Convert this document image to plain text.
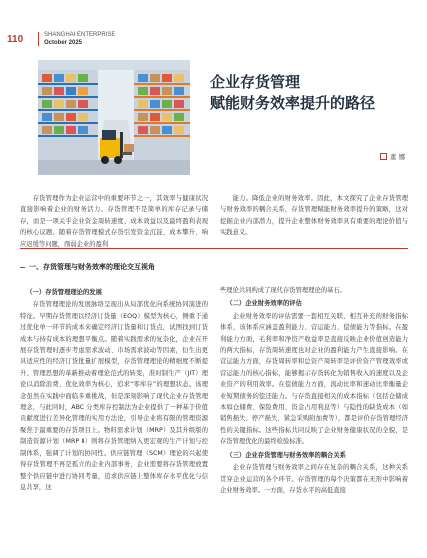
110	SHANGHAI ENTERPRISE
October 2025
企业存货管理
赋能财务效率提升的路径
董 娜

存货管理作为企业运营中的重要环节之一，其效率与健康状况直接影响着企业的财务活力。存货管理不是简单的库存记录与储存，而是一项关乎企业资金周转速度、成本效益以及最终盈利表现的核心议题。随着存货管理模式存货引发资金沉淀、成本攀升、响应迟缓等问题，削弱企业的盈利

能力。降低企业的财务效率。因此，本文探究了企业存货管理与财务效率的耦合关系，存货管理赋能财务效率提升的策略，这对挖掘企业内部潜力，提升企业整体财务效率具有重要的理论价值与实践意义。

一、存货管理与财务效率的理论交互视角

（一）存货管理理论的发展

存货管理理论的发展脉络呈现出从局部优化向系统协同演进的特征。早期存货管理以经济订货量（EOQ）模型为核心，侧重于通过优化单一环节的成本来确定经济订货量和订货点，试图找到订货成本与持有成本的理想平衡点。随着实践需求的复杂化，企业在开展存货管理时逐步考虑需求波动、市场需求波动等因素，衍生出更具适应性的经济订货批量扩展模型，存货管理理论的精细度不断提升。管理思想的革新推动着理论范式的转变，准时制生产（JIT）理论以消除浪费、优化效率为核心，追求“零库存”的理想状态。该理念虽然在实践中面临多重挑战，但是深刻影响了现代企业存货管理理念，与此同时，ABC 分类库存控制法为企业提供了一种基于价值贡献度进行差异化管理的实用方法论，引导企业将有限的管理资源聚焦于最重要的存货项目上。物料需求计划（MRP）及其升级版的制造资源计划（MRP Ⅱ）则将存货管理纳入更宏观的生产计划与控制体系，强调了计划的协同性。供应链管理（SCM）理论的兴起使得存货管理不再是孤立的企业内部事务，企业需要将存货管理放置整个供应链中进行协同考量，追求供应链上整体库存水平优化与信息共享，这

些理论共同构成了现代存货管理理论的基石。

（二）企业财务效率的评估

企业财务效率的评估需要一套相互关联、相互补充的财务指标体系，该体系应涵盖盈利能力、营运能力、偿债能力等指标。在盈利能力方面，毛利率和净资产收益率是直接反映企业价值创造能力的两大指标，存货周转速度也对企业的盈利能力产生直接影响。在营运能力方面，存货周转率和总资产周转率是评价资产管理效率或营运能力的核心指标，能够揭示存货转化为销售收入的速度以及企业资产的利用效率。在偿债能力方面，流动比率和速动比率衡量企业短期债务的偿还能力。与存货直接相关的成本指标（包括仓储成本如仓储费、保险费用、资金占用利息等）与隐性的缺货成本（如销售损失、停产损失、紧急采购附加费等），都是评价存货管理经济性的关键指标。这些指标共同反映了企业财务健康状况的全貌，是存货管理优化的最终检验标准。

（三）企业存货管理与财务效率的耦合关系

企业存货管理与财务效率之间存在复杂的耦合关系，这种关系贯穿企业运营的各个环节。存货管理的每个决策都在无形中影响着企业财务效率。一方面，存货水平的高低直接
